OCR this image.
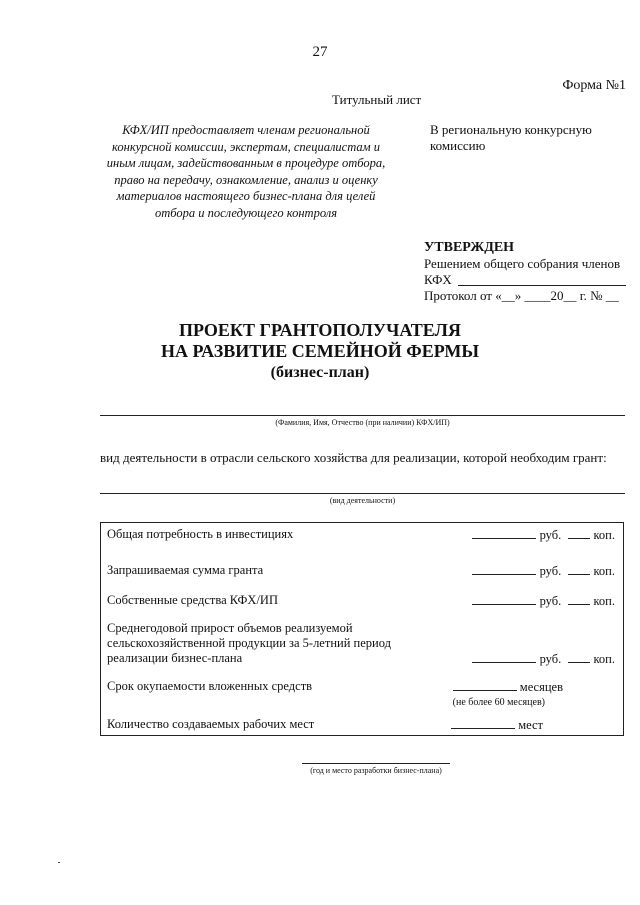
27
Форма №1
Титульный лист
КФХ/ИП предоставляет членам региональной конкурсной комиссии, экспертам, специалистам и иным лицам, задействованным в процедуре отбора, право на передачу, ознакомление, анализ и оценку материалов настоящего бизнес-плана для целей отбора и последующего контроля
В региональную конкурсную комиссию
УТВЕРЖДЕН
Решением общего собрания членов
КФХ
Протокол от «__» ____20__ г. № __
ПРОЕКТ ГРАНТОПОЛУЧАТЕЛЯ
НА РАЗВИТИЕ СЕМЕЙНОЙ ФЕРМЫ
(бизнес-план)
(Фамилия, Имя, Отчество (при наличии) КФХ/ИП)
вид деятельности в отрасли сельского хозяйства для реализации, которой необходим грант:
(вид деятельности)
Общая потребность в инвестициях	руб.	коп.
Запрашиваемая сумма гранта	руб.	коп.
Собственные средства КФХ/ИП	руб.	коп.
Среднегодовой прирост объемов реализуемой сельскохозяйственной продукции за 5-летний период реализации бизнес-плана	руб.	коп.
Срок окупаемости вложенных средств	месяцев
(не более 60 месяцев)
Количество создаваемых рабочих мест	мест
(год и место разработки бизнес-плана)
